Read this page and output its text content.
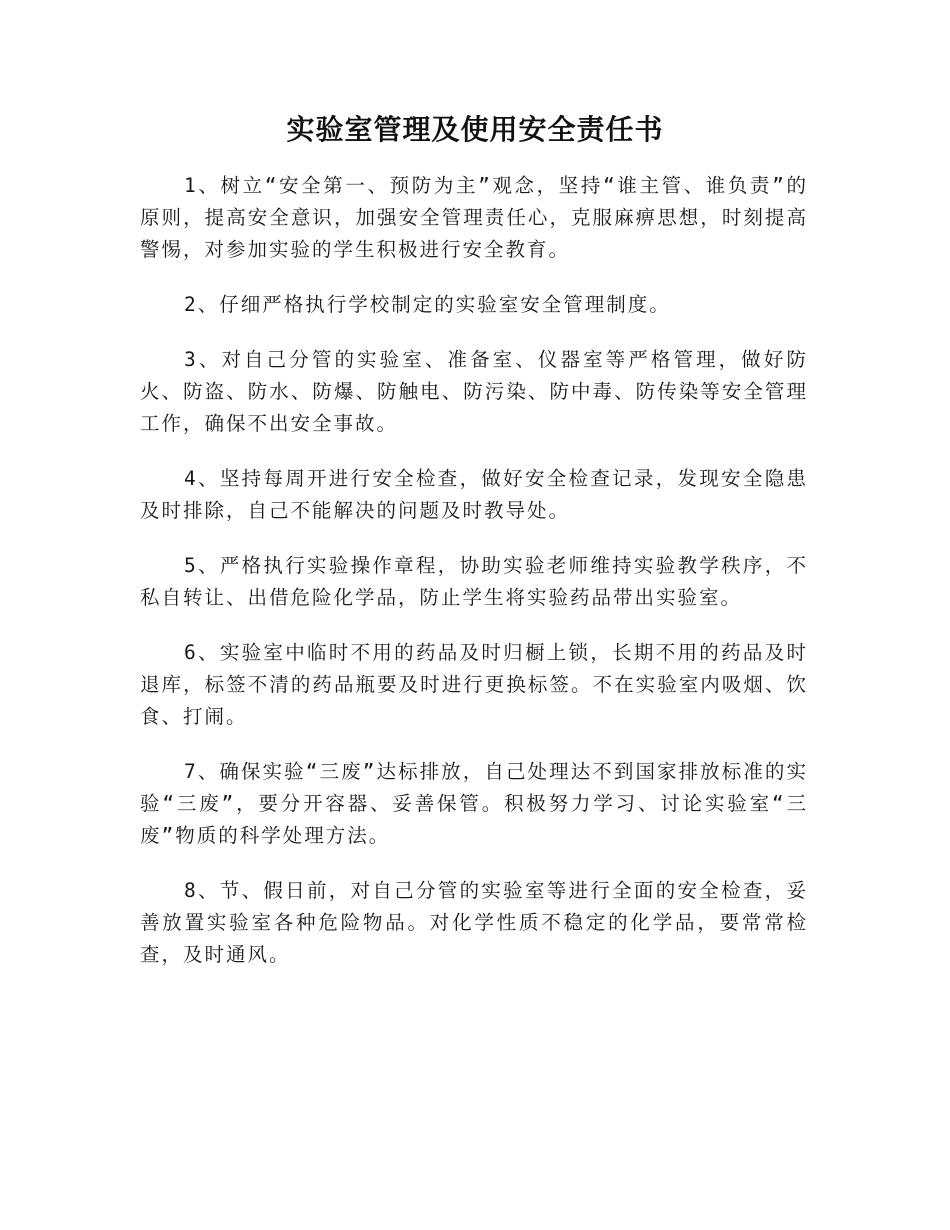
实验室管理及使用安全责任书

1、树立“安全第一、预防为主”观念，坚持“谁主管、谁负责”的原则，提高安全意识，加强安全管理责任心，克服麻痹思想，时刻提高警惕，对参加实验的学生积极进行安全教育。

2、仔细严格执行学校制定的实验室安全管理制度。

3、对自己分管的实验室、准备室、仪器室等严格管理，做好防火、防盗、防水、防爆、防触电、防污染、防中毒、防传染等安全管理工作，确保不出安全事故。

4、坚持每周开进行安全检查，做好安全检查记录，发现安全隐患及时排除，自己不能解决的问题及时教导处。

5、严格执行实验操作章程，协助实验老师维持实验教学秩序，不私自转让、出借危险化学品，防止学生将实验药品带出实验室。

6、实验室中临时不用的药品及时归橱上锁，长期不用的药品及时退库，标签不清的药品瓶要及时进行更换标签。不在实验室内吸烟、饮食、打闹。

7、确保实验“三废”达标排放，自己处理达不到国家排放标准的实验“三废”，要分开容器、妥善保管。积极努力学习、讨论实验室“三废”物质的科学处理方法。

8、节、假日前，对自己分管的实验室等进行全面的安全检查，妥善放置实验室各种危险物品。对化学性质不稳定的化学品，要常常检查，及时通风。
